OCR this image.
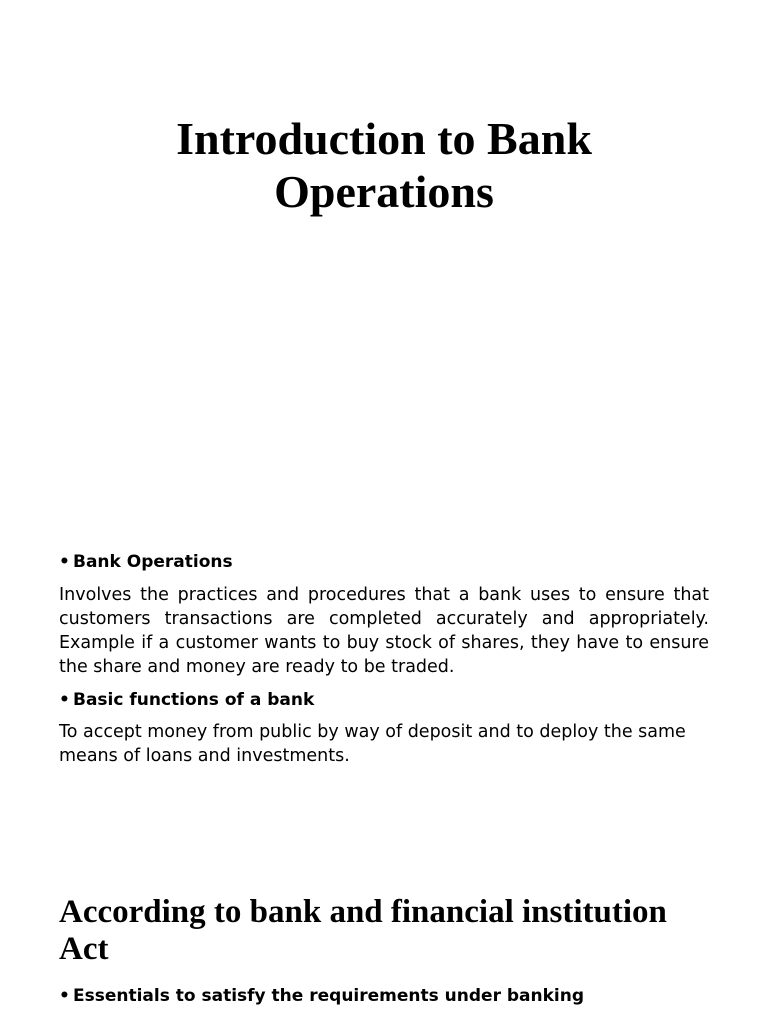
Introduction to Bank
Operations

• Bank Operations

Involves the practices and procedures that a bank uses to ensure that customers transactions are completed accurately and appropriately. Example if a customer wants to buy stock of shares, they have to ensure the share and money are ready to be traded.

• Basic functions of a bank

To accept money from public by way of deposit and to deploy the same means of loans and investments.

According to bank and financial institution
Act

• Essentials to satisfy the requirements under banking
